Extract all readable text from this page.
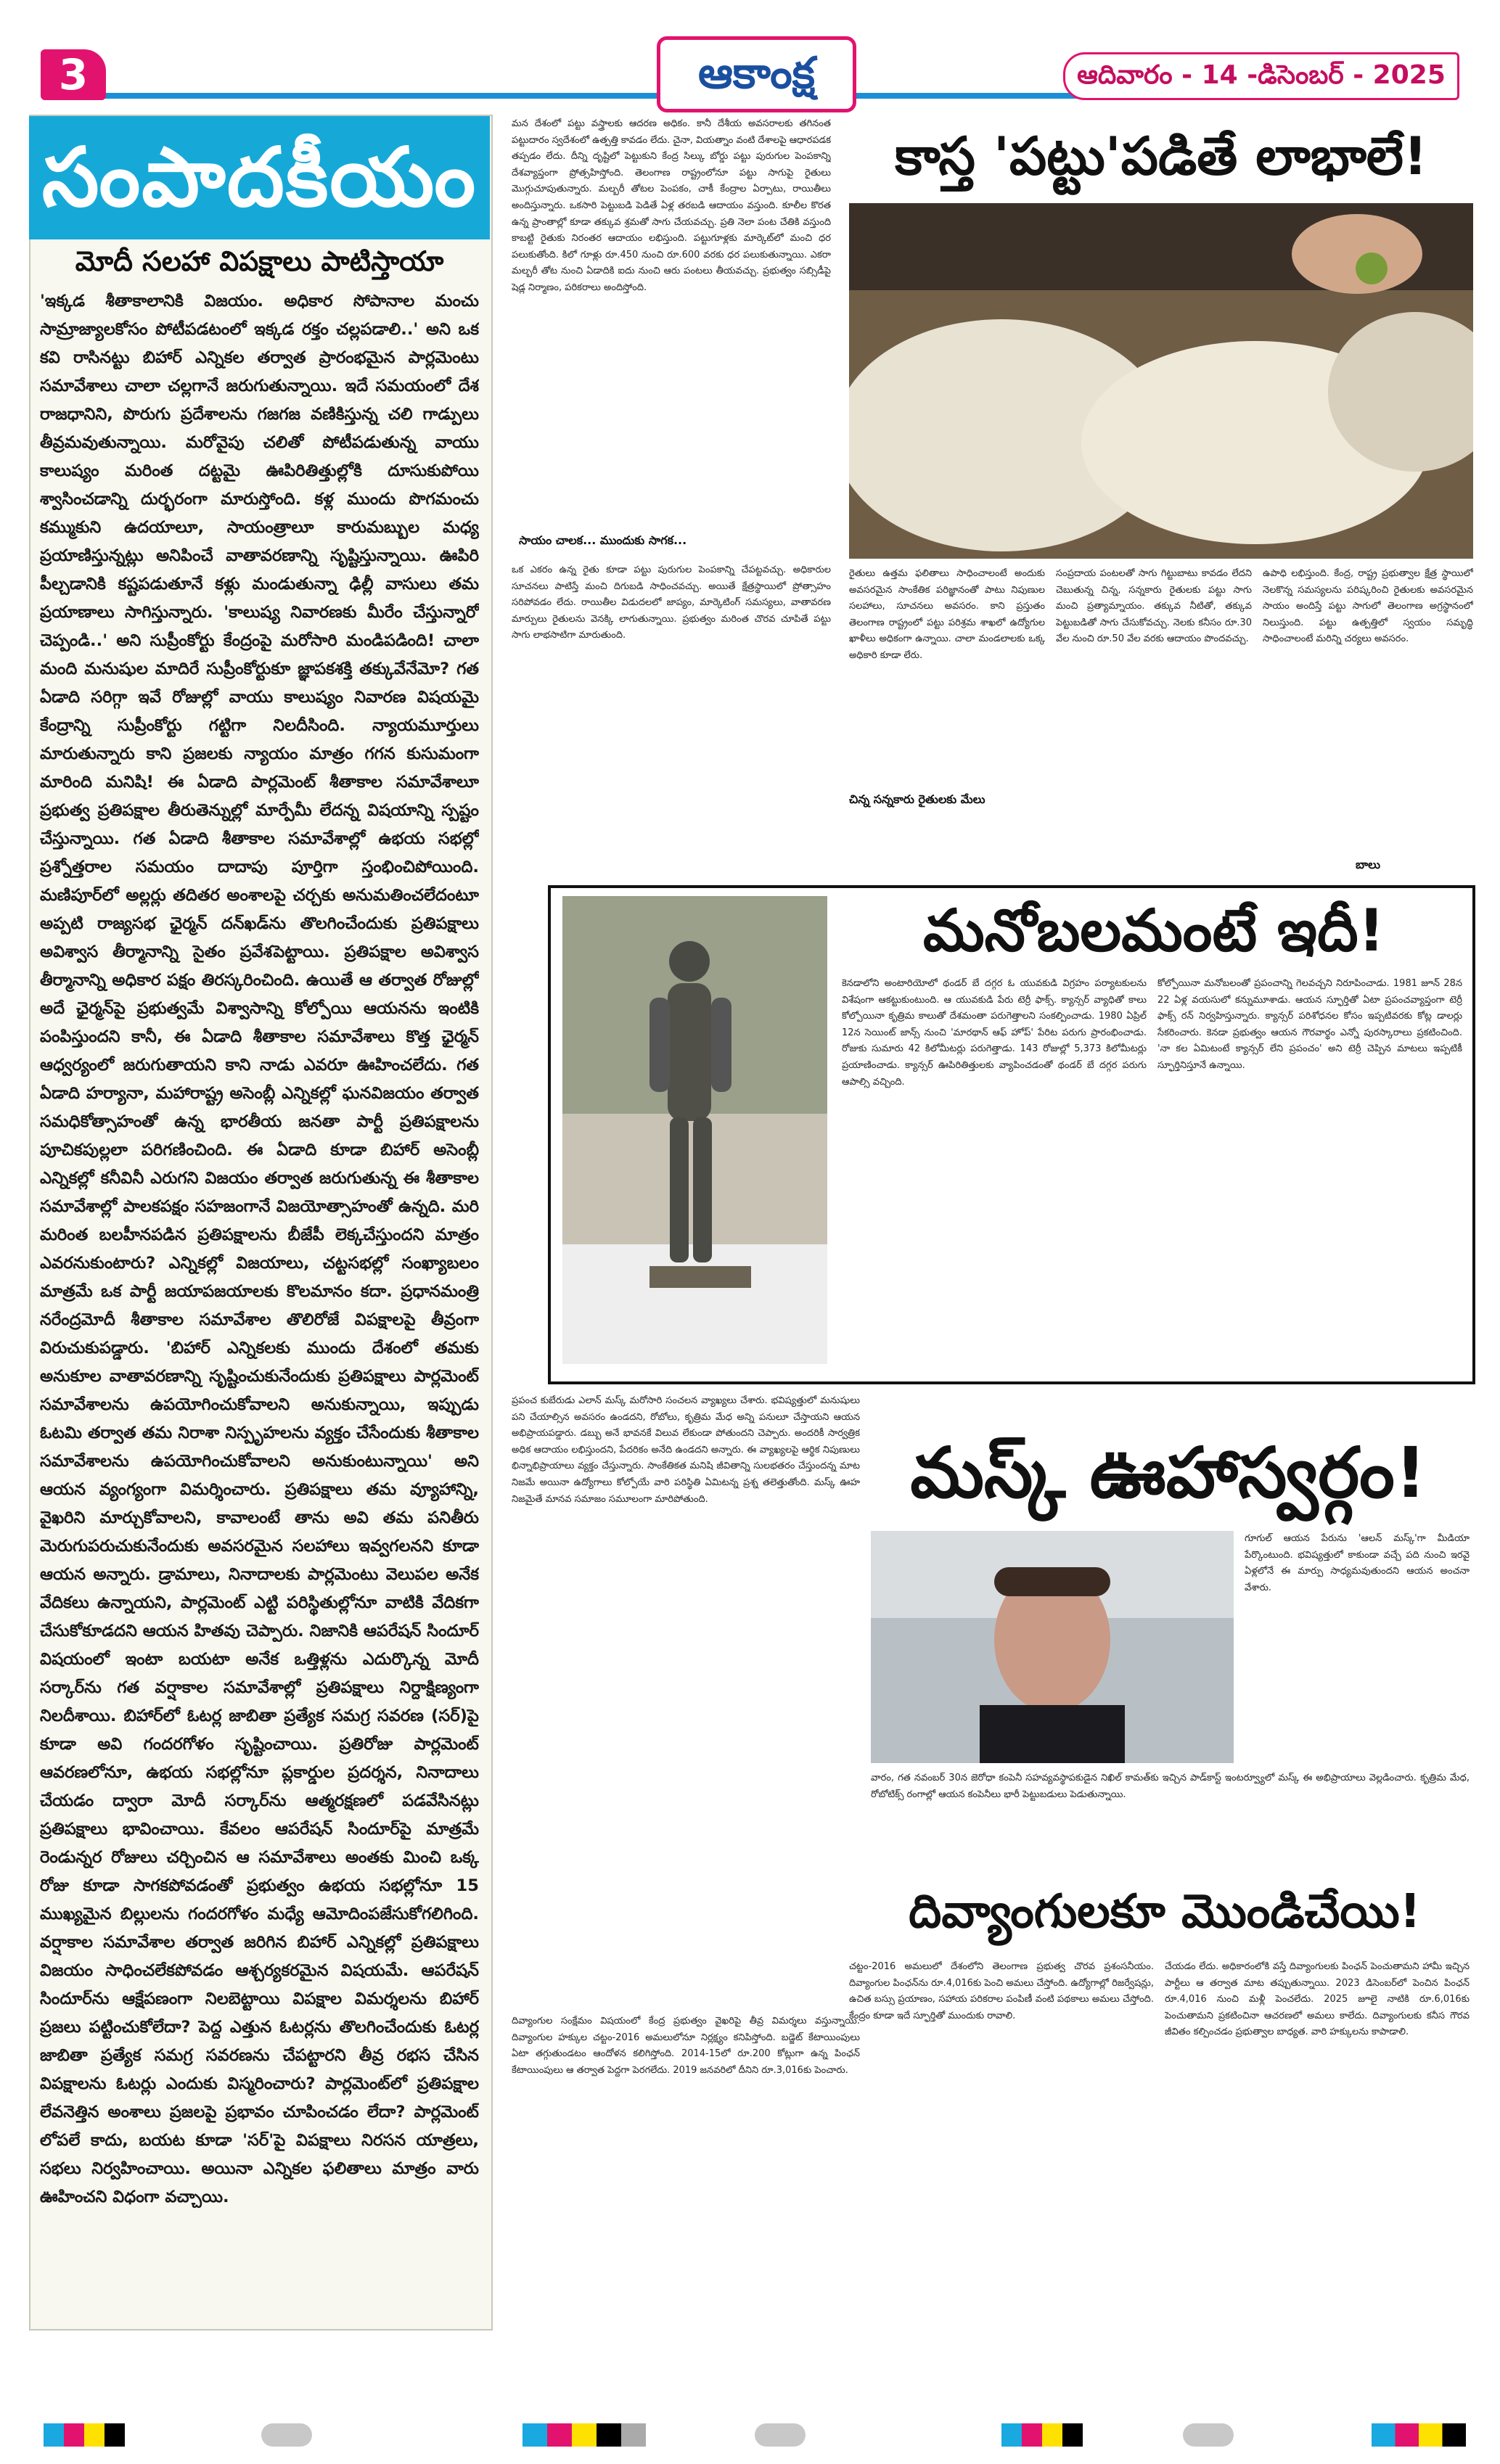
3	ఆకాంక్ష	ఆదివారం - 14 -డిసెంబర్ - 2025
సంపాదకీయం
మోదీ సలహా విపక్షాలు పాటిస్తాయా
'ఇక్కడ శీతాకాలానికి విజయం. అధికార సోపానాల మంచు సామ్రాజ్యాలకోసం పోటీపడటంలో ఇక్కడ రక్తం చల్లపడాలి..' అని ఒక కవి రాసినట్టు బిహార్ ఎన్నికల తర్వాత ప్రారంభమైన పార్లమెంటు సమావేశాలు చాలా చల్లగానే జరుగుతున్నాయి. ఇదే సమయంలో దేశ రాజధానిని, పొరుగు ప్రదేశాలను గజగజ వణికిస్తున్న చలి గాడ్పులు తీవ్రమవుతున్నాయి. మరోవైపు చలితో పోటీపడుతున్న వాయు కాలుష్యం మరింత దట్టమై ఊపిరితిత్తుల్లోకి దూసుకుపోయి శ్వాసించడాన్ని దుర్భరంగా మారుస్తోంది. కళ్ల ముందు పొగమంచు కమ్ముకుని ఉదయాలూ, సాయంత్రాలూ కారుమబ్బుల మధ్య ప్రయాణిస్తున్నట్లు అనిపించే వాతావరణాన్ని సృష్టిస్తున్నాయి. ఊపిరి పీల్చడానికి కష్టపడుతూనే కళ్లు మండుతున్నా ఢిల్లీ వాసులు తమ ప్రయాణాలు సాగిస్తున్నారు. 'కాలుష్య నివారణకు మీరేం చేస్తున్నారో చెప్పండి..' అని సుప్రీంకోర్టు కేంద్రంపై మరోసారి మండిపడింది! చాలా మంది మనుషుల మాదిరే సుప్రీంకోర్టుకూ జ్ఞాపకశక్తి తక్కువేనేమో? గత ఏడాది సరిగ్గా ఇవే రోజుల్లో వాయు కాలుష్యం నివారణ విషయమై కేంద్రాన్ని సుప్రీంకోర్టు గట్టిగా నిలదీసింది. న్యాయమూర్తులు మారుతున్నారు కాని ప్రజలకు న్యాయం మాత్రం గగన కుసుమంగా మారింది మనిషి! ఈ ఏడాది పార్లమెంట్ శీతాకాల సమావేశాలూ ప్రభుత్వ ప్రతిపక్షాల తీరుతెన్నుల్లో మార్పేమీ లేదన్న విషయాన్ని స్పష్టం చేస్తున్నాయి. గత ఏడాది శీతాకాల సమావేశాల్లో ఉభయ సభల్లో ప్రశ్నోత్తరాల సమయం దాదాపు పూర్తిగా స్తంభించిపోయింది. మణిపూర్‌లో అల్లర్లు తదితర అంశాలపై చర్చకు అనుమతించలేదంటూ అప్పటి రాజ్యసభ ఛైర్మన్ దన్‌ఖడ్‌ను తొలగించేందుకు ప్రతిపక్షాలు అవిశ్వాస తీర్మానాన్ని సైతం ప్రవేశపెట్టాయి. ప్రతిపక్షాల అవిశ్వాస తీర్మానాన్ని అధికార పక్షం తిరస్కరించింది. ఉయితే ఆ తర్వాత రోజుల్లో అదే ఛైర్మన్‌పై ప్రభుత్వమే విశ్వాసాన్ని కోల్పోయి ఆయనను ఇంటికి పంపిస్తుందని కానీ, ఈ ఏడాది శీతాకాల సమావేశాలు కొత్త ఛైర్మన్ ఆధ్వర్యంలో జరుగుతాయని కాని నాడు ఎవరూ ఊహించలేదు. గత ఏడాది హర్యానా, మహారాష్ట్ర అసెంబ్లీ ఎన్నికల్లో ఘనవిజయం తర్వాత సమధికోత్సాహంతో ఉన్న భారతీయ జనతా పార్టీ ప్రతిపక్షాలను పూచికపుల్లలా పరిగణించింది. ఈ ఏడాది కూడా బిహార్ అసెంబ్లీ ఎన్నికల్లో కనీవినీ ఎరుగని విజయం తర్వాత జరుగుతున్న ఈ శీతాకాల సమావేశాల్లో పాలకపక్షం సహజంగానే విజయోత్సాహంతో ఉన్నది. మరి మరింత బలహీనపడిన ప్రతిపక్షాలను బీజేపీ లెక్కచేస్తుందని మాత్రం ఎవరనుకుంటారు? ఎన్నికల్లో విజయాలు, చట్టసభల్లో సంఖ్యాబలం మాత్రమే ఒక పార్టీ జయాపజయాలకు కొలమానం కదా. ప్రధానమంత్రి నరేంద్రమోదీ శీతాకాల సమావేశాల తొలిరోజే విపక్షాలపై తీవ్రంగా విరుచుకుపడ్డారు. 'బిహార్ ఎన్నికలకు ముందు దేశంలో తమకు అనుకూల వాతావరణాన్ని సృష్టించుకునేందుకు ప్రతిపక్షాలు పార్లమెంట్ సమావేశాలను ఉపయోగించుకోవాలని అనుకున్నాయి, ఇప్పుడు ఓటమి తర్వాత తమ నిరాశా నిస్పృహలను వ్యక్తం చేసేందుకు శీతాకాల సమావేశాలను ఉపయోగించుకోవాలని అనుకుంటున్నాయి' అని ఆయన వ్యంగ్యంగా విమర్శించారు. ప్రతిపక్షాలు తమ వ్యూహాన్ని, వైఖరిని మార్చుకోవాలని, కావాలంటే తాను అవి తమ పనితీరు మెరుగుపరుచుకునేందుకు అవసరమైన సలహాలు ఇవ్వగలనని కూడా ఆయన అన్నారు. డ్రామాలు, నినాదాలకు పార్లమెంటు వెలుపల అనేక వేదికలు ఉన్నాయని, పార్లమెంట్ ఎట్టి పరిస్థితుల్లోనూ వాటికి వేదికగా చేసుకోకూడదని ఆయన హితవు చెప్పారు. నిజానికి ఆపరేషన్ సిందూర్ విషయంలో ఇంటా బయటా అనేక ఒత్తిళ్లను ఎదుర్కొన్న మోదీ సర్కార్‌ను గత వర్షాకాల సమావేశాల్లో ప్రతిపక్షాలు నిర్దాక్షిణ్యంగా నిలదీశాయి. బిహార్‌లో ఓటర్ల జాబితా ప్రత్యేక సమగ్ర సవరణ (సర్)పై కూడా అవి గందరగోళం సృష్టించాయి. ప్రతిరోజు పార్లమెంట్ ఆవరణలోనూ, ఉభయ సభల్లోనూ ప్లకార్డుల ప్రదర్శన, నినాదాలు చేయడం ద్వారా మోదీ సర్కార్‌ను ఆత్మరక్షణలో పడవేసినట్లు ప్రతిపక్షాలు భావించాయి. కేవలం ఆపరేషన్ సిందూర్‌పై మాత్రమే రెండున్నర రోజులు చర్చించిన ఆ సమావేశాలు అంతకు మించి ఒక్క రోజు కూడా సాగకపోవడంతో ప్రభుత్వం ఉభయ సభల్లోనూ 15 ముఖ్యమైన బిల్లులను గందరగోళం మధ్యే ఆమోదింపజేసుకోగలిగింది. వర్షాకాల సమావేశాల తర్వాత జరిగిన బిహార్ ఎన్నికల్లో ప్రతిపక్షాలు విజయం సాధించలేకపోవడం ఆశ్చర్యకరమైన విషయమే. ఆపరేషన్ సిందూర్‌ను ఆక్షేపణంగా నిలబెట్టాయి విపక్షాల విమర్శలను బిహార్ ప్రజలు పట్టించుకోలేదా? పెద్ద ఎత్తున ఓటర్లను తొలగించేందుకు ఓటర్ల జాబితా ప్రత్యేక సమగ్ర సవరణను చేపట్టారని తీవ్ర రభస చేసిన విపక్షాలను ఓటర్లు ఎందుకు విస్మరించారు? పార్లమెంట్‌లో ప్రతిపక్షాల లేవనెత్తిన అంశాలు ప్రజలపై ప్రభావం చూపించడం లేదా? పార్లమెంట్ లోపలే కాదు, బయట కూడా 'సర్'పై విపక్షాలు నిరసన యాత్రలు, సభలు నిర్వహించాయి. అయినా ఎన్నికల ఫలితాలు మాత్రం వారు ఊహించని విధంగా వచ్చాయి.
మన దేశంలో పట్టు వస్త్రాలకు ఆదరణ అధికం. కానీ దేశీయ అవసరాలకు తగినంత పట్టుదారం స్వదేశంలో ఉత్పత్తి కావడం లేదు. చైనా, వియత్నాం వంటి దేశాలపై ఆధారపడక తప్పడం లేదు. దీన్ని దృష్టిలో పెట్టుకుని కేంద్ర సిల్కు బోర్డు పట్టు పురుగుల పెంపకాన్ని దేశవ్యాప్తంగా ప్రోత్సహిస్తోంది. తెలంగాణ రాష్ట్రంలోనూ పట్టు సాగుపై రైతులు మొగ్గుచూపుతున్నారు. మల్బరీ తోటల పెంపకం, చాకీ కేంద్రాల ఏర్పాటు, రాయితీలు అందిస్తున్నారు. ఒకసారి పెట్టుబడి పెడితే ఏళ్ల తరబడి ఆదాయం వస్తుంది. కూలీల కొరత ఉన్న ప్రాంతాల్లో కూడా తక్కువ శ్రమతో సాగు చేయవచ్చు. ప్రతి నెలా పంట చేతికి వస్తుంది కాబట్టి రైతుకు నిరంతర ఆదాయం లభిస్తుంది. పట్టుగూళ్లకు మార్కెట్‌లో మంచి ధర పలుకుతోంది. కిలో గూళ్లు రూ.450 నుంచి రూ.600 వరకు ధర పలుకుతున్నాయి. ఎకరా మల్బరీ తోట నుంచి ఏడాదికి ఐదు నుంచి ఆరు పంటలు తీయవచ్చు. ప్రభుత్వం సబ్సిడీపై షెడ్ల నిర్మాణం, పరికరాలు అందిస్తోంది.
సాయం చాలక... ముందుకు సాగక...
ఒక ఎకరం ఉన్న రైతు కూడా పట్టు పురుగుల పెంపకాన్ని చేపట్టవచ్చు. అధికారుల సూచనలు పాటిస్తే మంచి దిగుబడి సాధించవచ్చు. అయితే క్షేత్రస్థాయిలో ప్రోత్సాహం సరిపోవడం లేదు. రాయితీల విడుదలలో జాప్యం, మార్కెటింగ్ సమస్యలు, వాతావరణ మార్పులు రైతులను వెనక్కి లాగుతున్నాయి. ప్రభుత్వం మరింత చొరవ చూపితే పట్టు సాగు లాభసాటిగా మారుతుంది.
కాస్త 'పట్టు'పడితే లాభాలే!
రైతులు ఉత్తమ ఫలితాలు సాధించాలంటే అందుకు అవసరమైన సాంకేతిక పరిజ్ఞానంతో పాటు నిపుణుల సలహాలు, సూచనలు అవసరం. కాని ప్రస్తుతం తెలంగాణ రాష్ట్రంలో పట్టు పరిశ్రమ శాఖలో ఉద్యోగుల ఖాళీలు అధికంగా ఉన్నాయి. చాలా మండలాలకు ఒక్క అధికారి కూడా లేరు.
చిన్న సన్నకారు రైతులకు మేలు
సంప్రదాయ పంటలతో సాగు గిట్టుబాటు కావడం లేదని చెబుతున్న చిన్న, సన్నకారు రైతులకు పట్టు సాగు మంచి ప్రత్యామ్నాయం. తక్కువ నీటితో, తక్కువ పెట్టుబడితో సాగు చేసుకోవచ్చు. నెలకు కనీసం రూ.30 వేల నుంచి రూ.50 వేల వరకు ఆదాయం పొందవచ్చు.
ఉపాధి లభిస్తుంది. కేంద్ర, రాష్ట్ర ప్రభుత్వాల క్షేత్ర స్థాయిలో నెలకొన్న సమస్యలను పరిష్కరించి రైతులకు అవసరమైన సాయం అందిస్తే పట్టు సాగులో తెలంగాణ అగ్రస్థానంలో నిలుస్తుంది. పట్టు ఉత్పత్తిలో స్వయం సమృద్ధి సాధించాలంటే మరిన్ని చర్యలు అవసరం.
బాలు
మనోబలమంటే ఇదీ!
కెనడాలోని అంటారియోలో థండర్ బే దగ్గర ఓ యువకుడి విగ్రహం పర్యాటకులను విశేషంగా ఆకట్టుకుంటుంది. ఆ యువకుడి పేరు టెర్రీ ఫాక్స్. క్యాన్సర్ వ్యాధితో కాలు కోల్పోయినా కృత్రిమ కాలుతో దేశమంతా పరుగెత్తాలని సంకల్పించాడు. 1980 ఏప్రిల్ 12న సెయింట్ జాన్స్ నుంచి 'మారథాన్ ఆఫ్ హోప్' పేరిట పరుగు ప్రారంభించాడు. రోజుకు సుమారు 42 కిలోమీటర్లు పరుగెత్తాడు. 143 రోజుల్లో 5,373 కిలోమీటర్లు ప్రయాణించాడు. క్యాన్సర్ ఊపిరితిత్తులకు వ్యాపించడంతో థండర్ బే దగ్గర పరుగు ఆపాల్సి వచ్చింది.
కోల్పోయినా మనోబలంతో ప్రపంచాన్ని గెలవచ్చని నిరూపించాడు. 1981 జూన్ 28న 22 ఏళ్ల వయసులో కన్నుమూశాడు. ఆయన స్ఫూర్తితో ఏటా ప్రపంచవ్యాప్తంగా టెర్రీ ఫాక్స్ రన్ నిర్వహిస్తున్నారు. క్యాన్సర్ పరిశోధనల కోసం ఇప్పటివరకు కోట్ల డాలర్లు సేకరించారు. కెనడా ప్రభుత్వం ఆయన గౌరవార్థం ఎన్నో పురస్కారాలు ప్రకటించింది. 'నా కల ఏమిటంటే క్యాన్సర్ లేని ప్రపంచం' అని టెర్రీ చెప్పిన మాటలు ఇప్పటికీ స్ఫూర్తినిస్తూనే ఉన్నాయి.
ప్రపంచ కుబేరుడు ఎలాన్ మస్క్ మరోసారి సంచలన వ్యాఖ్యలు చేశారు. భవిష్యత్తులో మనుషులు పని చేయాల్సిన అవసరం ఉండదని, రోబోలు, కృత్రిమ మేధ అన్ని పనులూ చేస్తాయని ఆయన అభిప్రాయపడ్డారు. డబ్బు అనే భావనకే విలువ లేకుండా పోతుందని చెప్పారు. అందరికీ సార్వత్రిక అధిక ఆదాయం లభిస్తుందని, పేదరికం అనేది ఉండదని అన్నారు. ఈ వ్యాఖ్యలపై ఆర్థిక నిపుణులు భిన్నాభిప్రాయాలు వ్యక్తం చేస్తున్నారు. సాంకేతికత మనిషి జీవితాన్ని సులభతరం చేస్తుందన్న మాట నిజమే అయినా ఉద్యోగాలు కోల్పోయే వారి పరిస్థితి ఏమిటన్న ప్రశ్న తలెత్తుతోంది. మస్క్ ఊహ నిజమైతే మానవ సమాజం సమూలంగా మారిపోతుంది.	మస్క్ ఊహాస్వర్గం!
గూగుల్ ఆయన పేరును 'ఆలన్ మస్క్'గా మీడియా పేర్కొంటుంది. భవిష్యత్తులో కాకుండా వచ్చే పది నుంచి ఇరవై ఏళ్లలోనే ఈ మార్పు సాధ్యమవుతుందని ఆయన అంచనా వేశారు.
వారం, గత నవంబర్ 30న జెరోధా కంపెనీ సహవ్యవస్థాపకుడైన నిఖిల్ కామత్‌కు ఇచ్చిన పాడ్‌కాస్ట్ ఇంటర్వ్యూలో మస్క్ ఈ అభిప్రాయాలు వెల్లడించారు. కృత్రిమ మేధ, రోబోటిక్స్ రంగాల్లో ఆయన కంపెనీలు భారీ పెట్టుబడులు పెడుతున్నాయి.
దివ్యాంగుల సంక్షేమం విషయంలో కేంద్ర ప్రభుత్వం వైఖరిపై తీవ్ర విమర్శలు వస్తున్నాయి. దివ్యాంగుల హక్కుల చట్టం-2016 అమలులోనూ నిర్లక్ష్యం కనిపిస్తోంది. బడ్జెట్ కేటాయింపులు ఏటా తగ్గుతుండటం ఆందోళన కలిగిస్తోంది. 2014-15లో రూ.200 కోట్లుగా ఉన్న పింఛన్ కేటాయింపులు ఆ తర్వాత పెద్దగా పెరగలేదు. 2019 జనవరిలో దీనిని రూ.3,016కు పెంచారు.
దివ్యాంగులకూ మొండిచేయి!
చట్టం-2016 అమలులో దేశంలోని తెలంగాణ ప్రభుత్వ చొరవ ప్రశంసనీయం. దివ్యాంగుల పింఛన్‌ను రూ.4,016కు పెంచి అమలు చేస్తోంది. ఉద్యోగాల్లో రిజర్వేషన్లు, ఉచిత బస్సు ప్రయాణం, సహాయ పరికరాల పంపిణీ వంటి పథకాలు అమలు చేస్తోంది. కేంద్రం కూడా ఇదే స్ఫూర్తితో ముందుకు రావాలి.
చేయడం లేదు. అధికారంలోకి వస్తే దివ్యాంగులకు పింఛన్ పెంచుతామని హామీ ఇచ్చిన పార్టీలు ఆ తర్వాత మాట తప్పుతున్నాయి. 2023 డిసెంబర్‌లో పెంచిన పింఛన్ రూ.4,016 నుంచి మళ్లీ పెంచలేదు. 2025 జూలై నాటికి రూ.6,016కు పెంచుతామని ప్రకటించినా ఆచరణలో అమలు కాలేదు. దివ్యాంగులకు కనీస గౌరవ జీవితం కల్పించడం ప్రభుత్వాల బాధ్యత. వారి హక్కులను కాపాడాలి.
